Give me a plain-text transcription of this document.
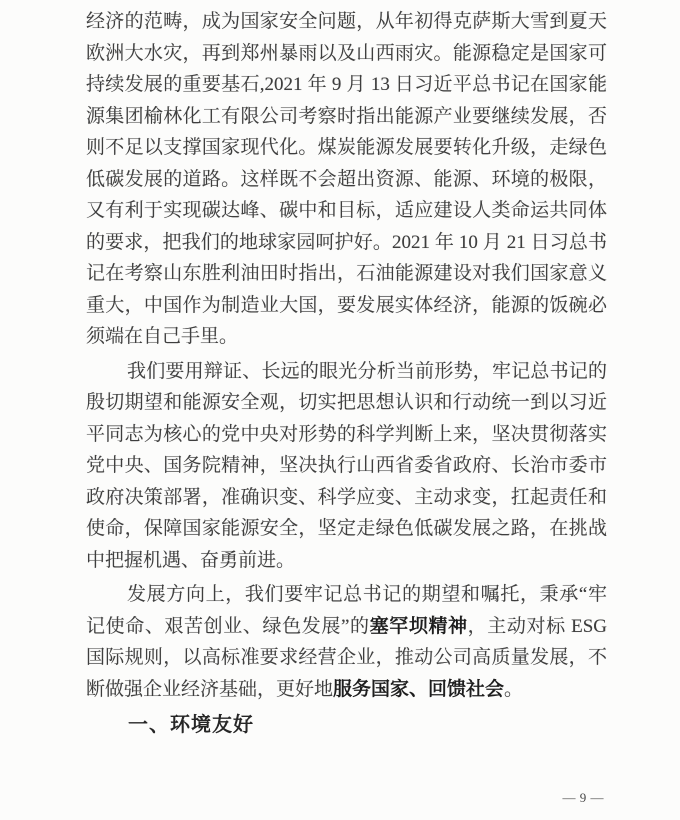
经济的范畴，成为国家安全问题，从年初得克萨斯大雪到夏天
欧洲大水灾，再到郑州暴雨以及山西雨灾。能源稳定是国家可
持续发展的重要基石,2021 年 9 月 13 日习近平总书记在国家能
源集团榆林化工有限公司考察时指出能源产业要继续发展，否
则不足以支撑国家现代化。煤炭能源发展要转化升级，走绿色
低碳发展的道路。这样既不会超出资源、能源、环境的极限，
又有利于实现碳达峰、碳中和目标，适应建设人类命运共同体
的要求，把我们的地球家园呵护好。2021 年 10 月 21 日习总书
记在考察山东胜利油田时指出，石油能源建设对我们国家意义
重大，中国作为制造业大国，要发展实体经济，能源的饭碗必
须端在自己手里。
我们要用辩证、长远的眼光分析当前形势，牢记总书记的
殷切期望和能源安全观，切实把思想认识和行动统一到以习近
平同志为核心的党中央对形势的科学判断上来，坚决贯彻落实
党中央、国务院精神，坚决执行山西省委省政府、长治市委市
政府决策部署，准确识变、科学应变、主动求变，扛起责任和
使命，保障国家能源安全，坚定走绿色低碳发展之路，在挑战
中把握机遇、奋勇前进。
发展方向上，我们要牢记总书记的期望和嘱托，秉承“牢
记使命、艰苦创业、绿色发展”的塞罕坝精神，主动对标 ESG
国际规则，以高标准要求经营企业，推动公司高质量发展，不
断做强企业经济基础，更好地服务国家、回馈社会。
一、环境友好
— 9 —
